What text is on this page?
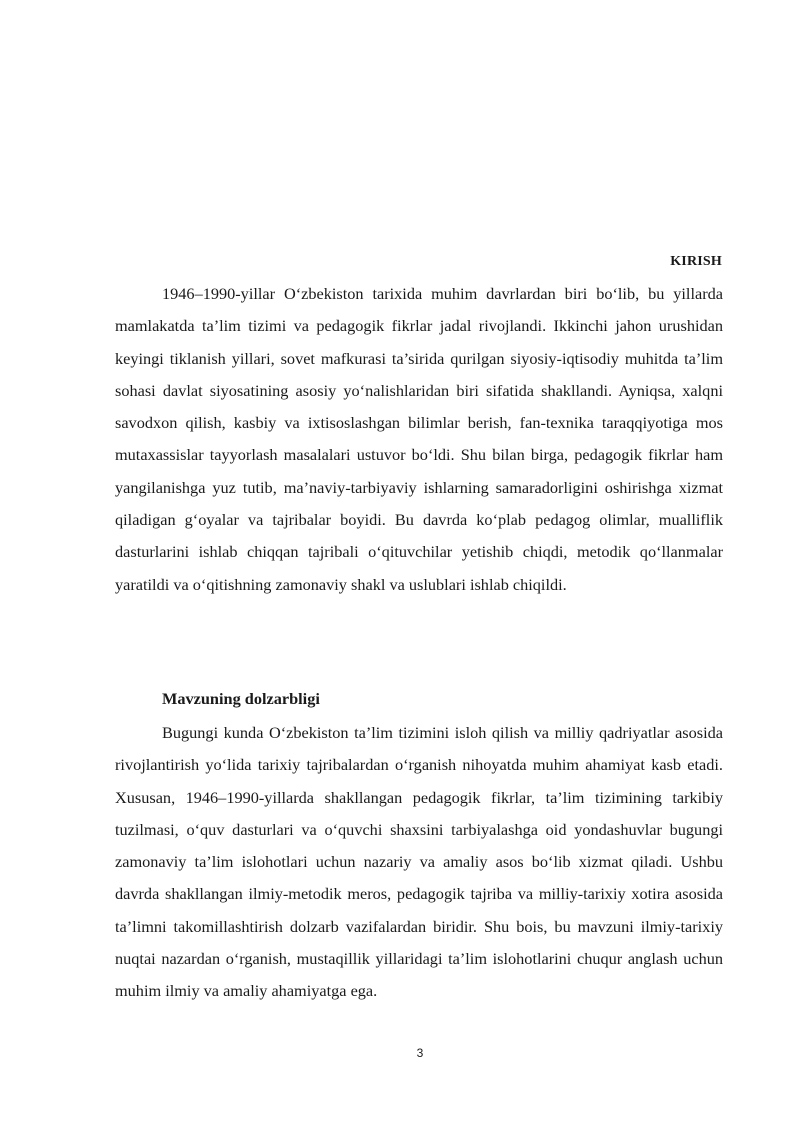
KIRISH

1946–1990-yillar O‘zbekiston tarixida muhim davrlardan biri bo‘lib, bu yillarda mamlakatda ta’lim tizimi va pedagogik fikrlar jadal rivojlandi. Ikkinchi jahon urushidan keyingi tiklanish yillari, sovet mafkurasi ta’sirida qurilgan siyosiy-iqtisodiy muhitda ta’lim sohasi davlat siyosatining asosiy yo‘nalishlaridan biri sifatida shakllandi. Ayniqsa, xalqni savodxon qilish, kasbiy va ixtisoslashgan bilimlar berish, fan-texnika taraqqiyotiga mos mutaxassislar tayyorlash masalalari ustuvor bo‘ldi. Shu bilan birga, pedagogik fikrlar ham yangilanishga yuz tutib, ma’naviy-tarbiyaviy ishlarning samaradorligini oshirishga xizmat qiladigan g‘oyalar va tajribalar boyidi. Bu davrda ko‘plab pedagog olimlar, mualliflik dasturlarini ishlab chiqqan tajribali o‘qituvchilar yetishib chiqdi, metodik qo‘llanmalar yaratildi va o‘qitishning zamonaviy shakl va uslublari ishlab chiqildi.

Mavzuning dolzarbligi

Bugungi kunda O‘zbekiston ta’lim tizimini isloh qilish va milliy qadriyatlar asosida rivojlantirish yo‘lida tarixiy tajribalardan o‘rganish nihoyatda muhim ahamiyat kasb etadi. Xususan, 1946–1990-yillarda shakllangan pedagogik fikrlar, ta’lim tizimining tarkibiy tuzilmasi, o‘quv dasturlari va o‘quvchi shaxsini tarbiyalashga oid yondashuvlar bugungi zamonaviy ta’lim islohotlari uchun nazariy va amaliy asos bo‘lib xizmat qiladi. Ushbu davrda shakllangan ilmiy-metodik meros, pedagogik tajriba va milliy-tarixiy xotira asosida ta’limni takomillashtirish dolzarb vazifalardan biridir. Shu bois, bu mavzuni ilmiy-tarixiy nuqtai nazardan o‘rganish, mustaqillik yillaridagi ta’lim islohotlarini chuqur anglash uchun muhim ilmiy va amaliy ahamiyatga ega.

3
